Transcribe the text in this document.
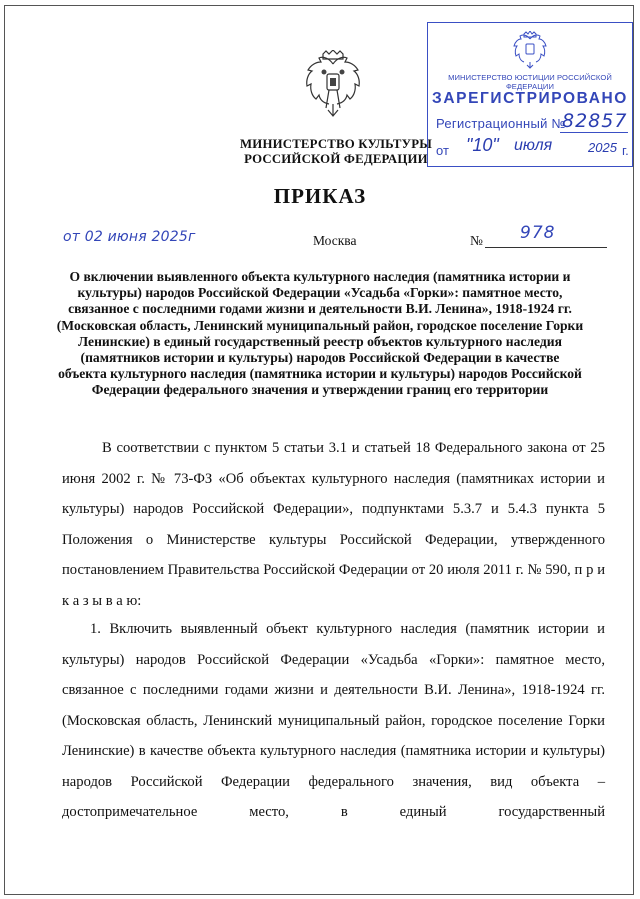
МИНИСТЕРСТВО КУЛЬТУРЫ
РОССИЙСКОЙ ФЕДЕРАЦИИ
МИНИСТЕРСТВО ЮСТИЦИИ РОССИЙСКОЙ ФЕДЕРАЦИИ
ЗАРЕГИСТРИРОВАНО
Регистрационный №
82857
от "10" июля	2025 г.
ПРИКАЗ
от 02 июня 2025г	Москва	№ 978
О включении выявленного объекта культурного наследия (памятника истории и культуры) народов Российской Федерации «Усадьба «Горки»: памятное место, связанное с последними годами жизни и деятельности В.И. Ленина», 1918-1924 гг. (Московская область, Ленинский муниципальный район, городское поселение Горки Ленинские) в единый государственный реестр объектов культурного наследия (памятников истории и культуры) народов Российской Федерации в качестве объекта культурного наследия (памятника истории и культуры) народов Российской Федерации федерального значения и утверждении границ его территории
В соответствии с пунктом 5 статьи 3.1 и статьей 18 Федерального закона от 25 июня 2002 г. № 73-ФЗ «Об объектах культурного наследия (памятниках истории и культуры) народов Российской Федерации», подпунктами 5.3.7 и 5.4.3 пункта 5 Положения о Министерстве культуры Российской Федерации, утвержденного постановлением Правительства Российской Федерации от 20 июля 2011 г. № 590, п р и к а з ы в а ю:
1. Включить выявленный объект культурного наследия (памятник истории и культуры) народов Российской Федерации «Усадьба «Горки»: памятное место, связанное с последними годами жизни и деятельности В.И. Ленина», 1918-1924 гг. (Московская область, Ленинский муниципальный район, городское поселение Горки Ленинские) в качестве объекта культурного наследия (памятника истории и культуры) народов Российской Федерации федерального значения, вид объекта – достопримечательное место, в единый государственный
